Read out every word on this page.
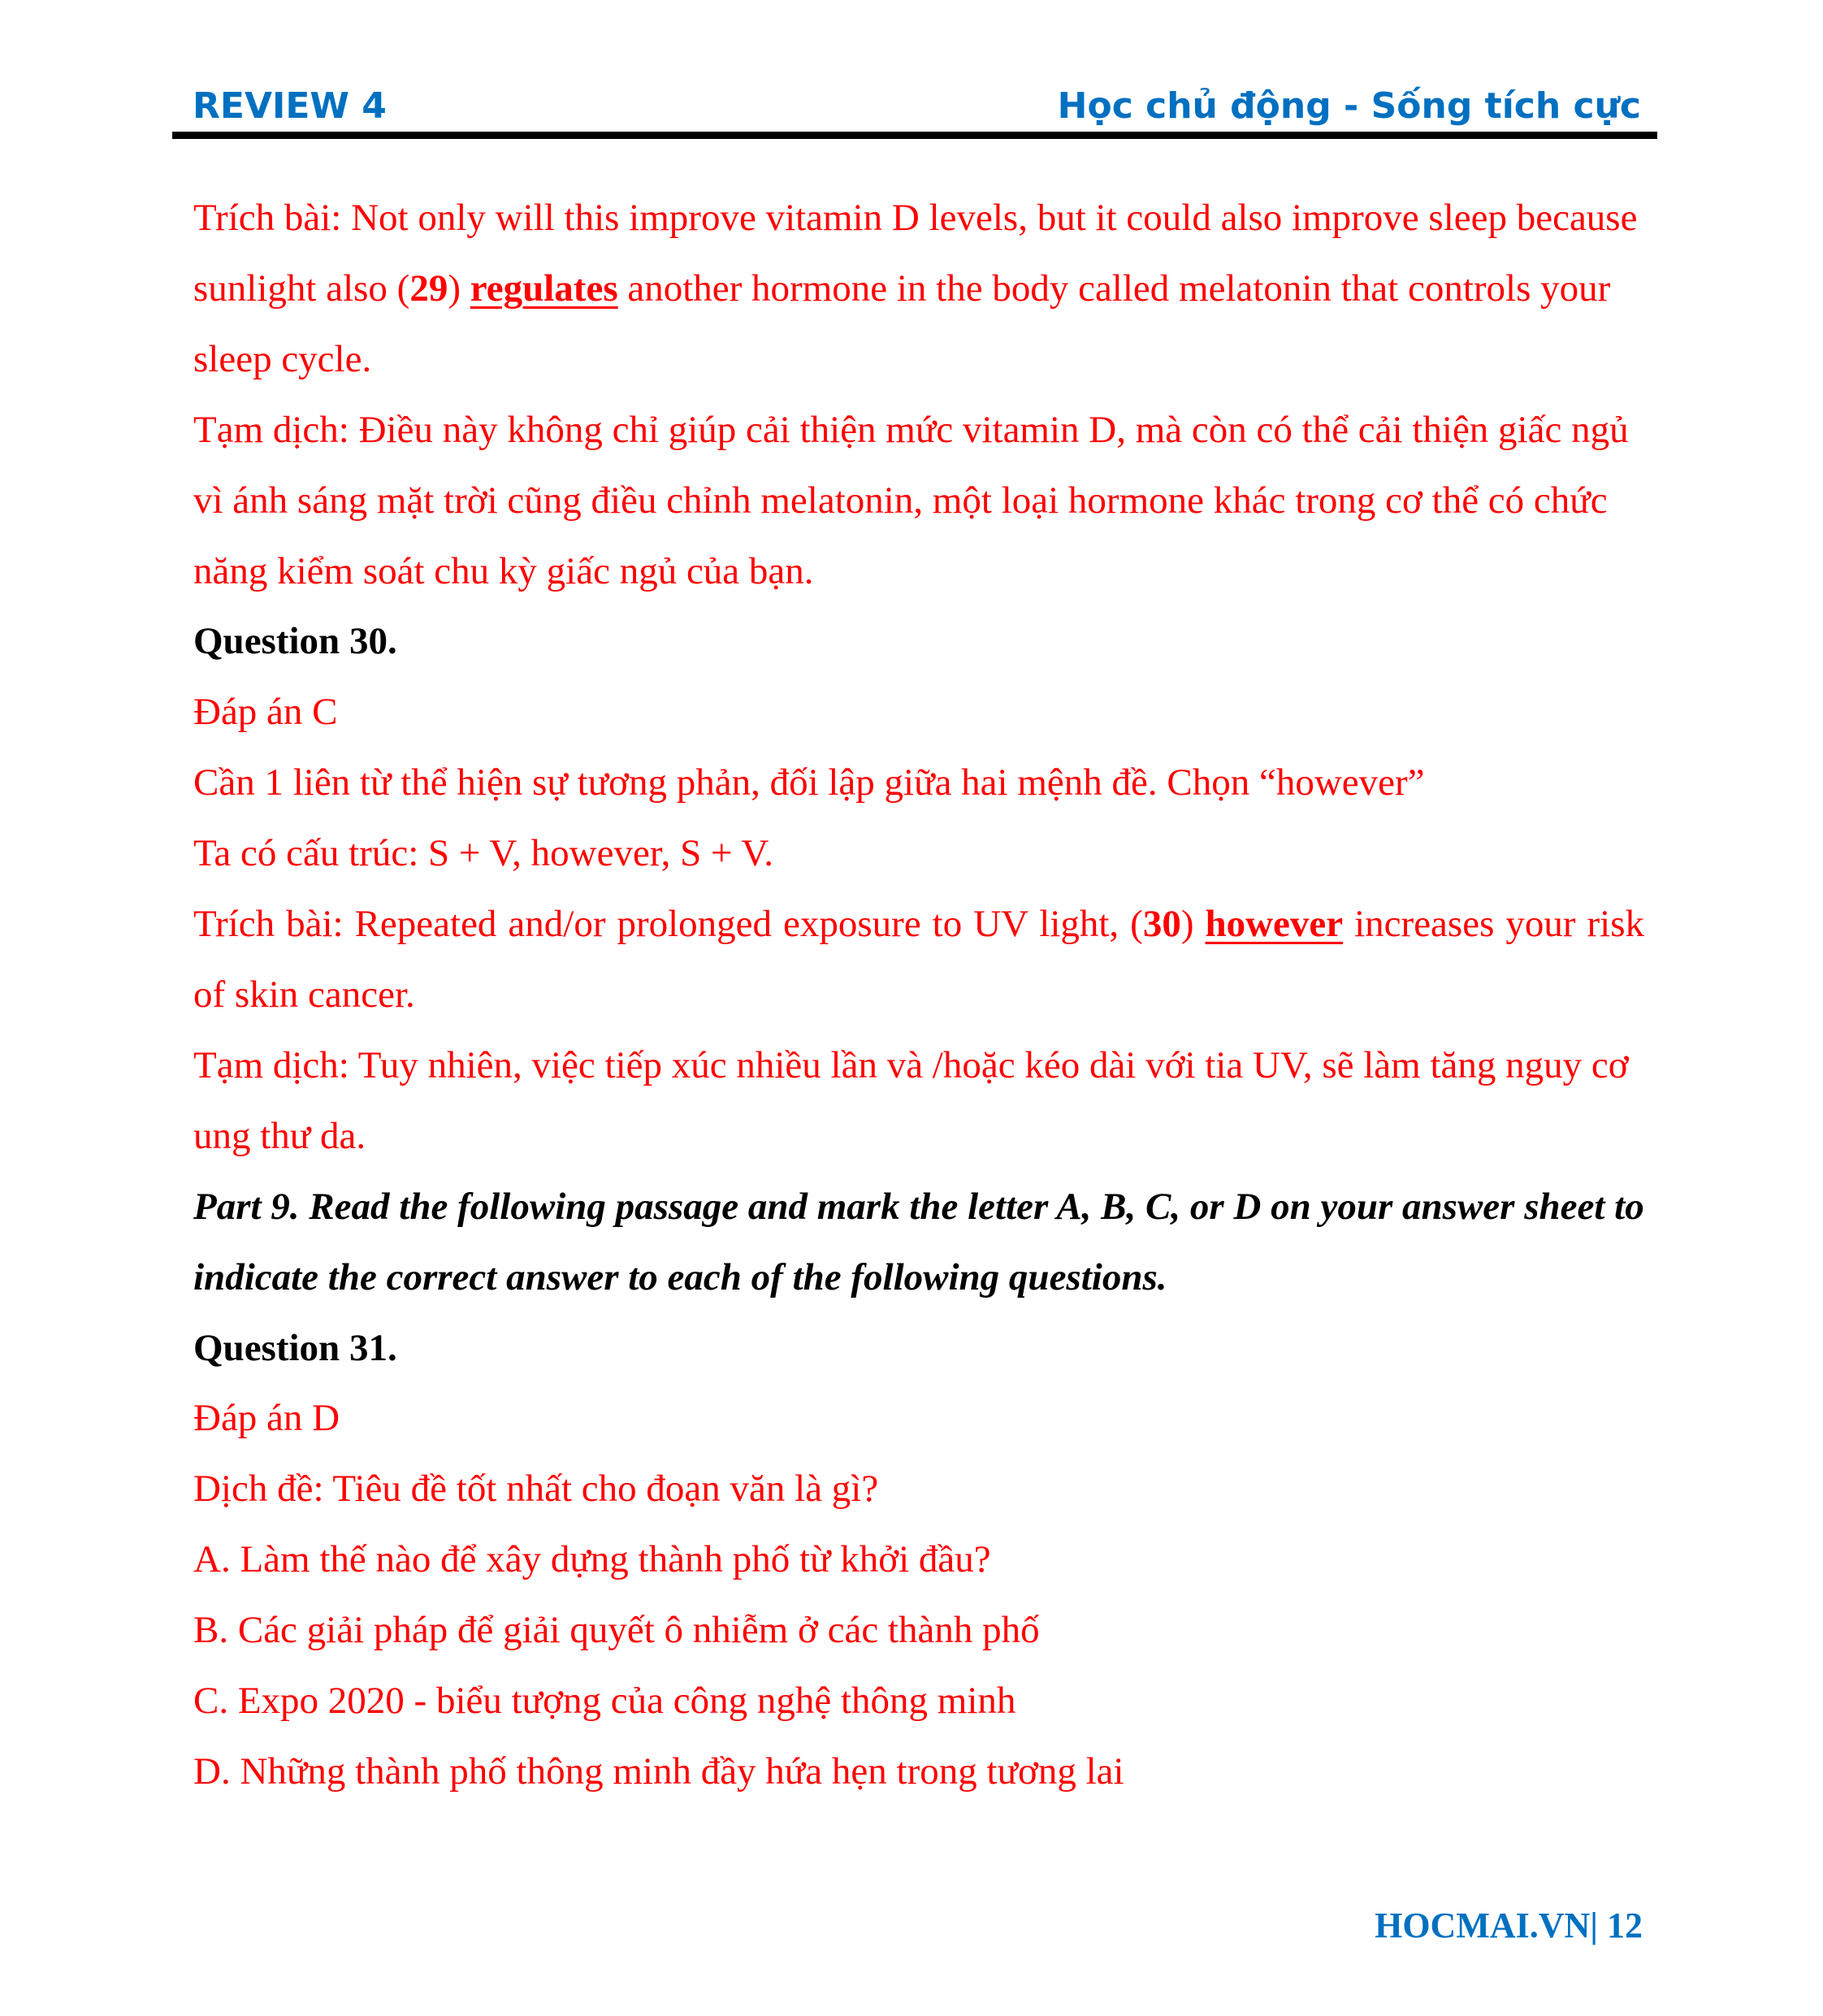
REVIEW 4	Học chủ động - Sống tích cực

Trích bài: Not only will this improve vitamin D levels, but it could also improve sleep because sunlight also (29) regulates another hormone in the body called melatonin that controls your sleep cycle.

Tạm dịch: Điều này không chỉ giúp cải thiện mức vitamin D, mà còn có thể cải thiện giấc ngủ vì ánh sáng mặt trời cũng điều chỉnh melatonin, một loại hormone khác trong cơ thể có chức năng kiểm soát chu kỳ giấc ngủ của bạn.

Question 30.

Đáp án C

Cần 1 liên từ thể hiện sự tương phản, đối lập giữa hai mệnh đề. Chọn “however”

Ta có cấu trúc: S + V, however, S + V.

Trích bài: Repeated and/or prolonged exposure to UV light, (30) however increases your risk of skin cancer.

Tạm dịch: Tuy nhiên, việc tiếp xúc nhiều lần và /hoặc kéo dài với tia UV, sẽ làm tăng nguy cơ ung thư da.

Part 9. Read the following passage and mark the letter A, B, C, or D on your answer sheet to indicate the correct answer to each of the following questions.

Question 31.

Đáp án D

Dịch đề: Tiêu đề tốt nhất cho đoạn văn là gì?

A. Làm thế nào để xây dựng thành phố từ khởi đầu?

B. Các giải pháp để giải quyết ô nhiễm ở các thành phố

C. Expo 2020 - biểu tượng của công nghệ thông minh

D. Những thành phố thông minh đầy hứa hẹn trong tương lai

HOCMAI.VN| 12
